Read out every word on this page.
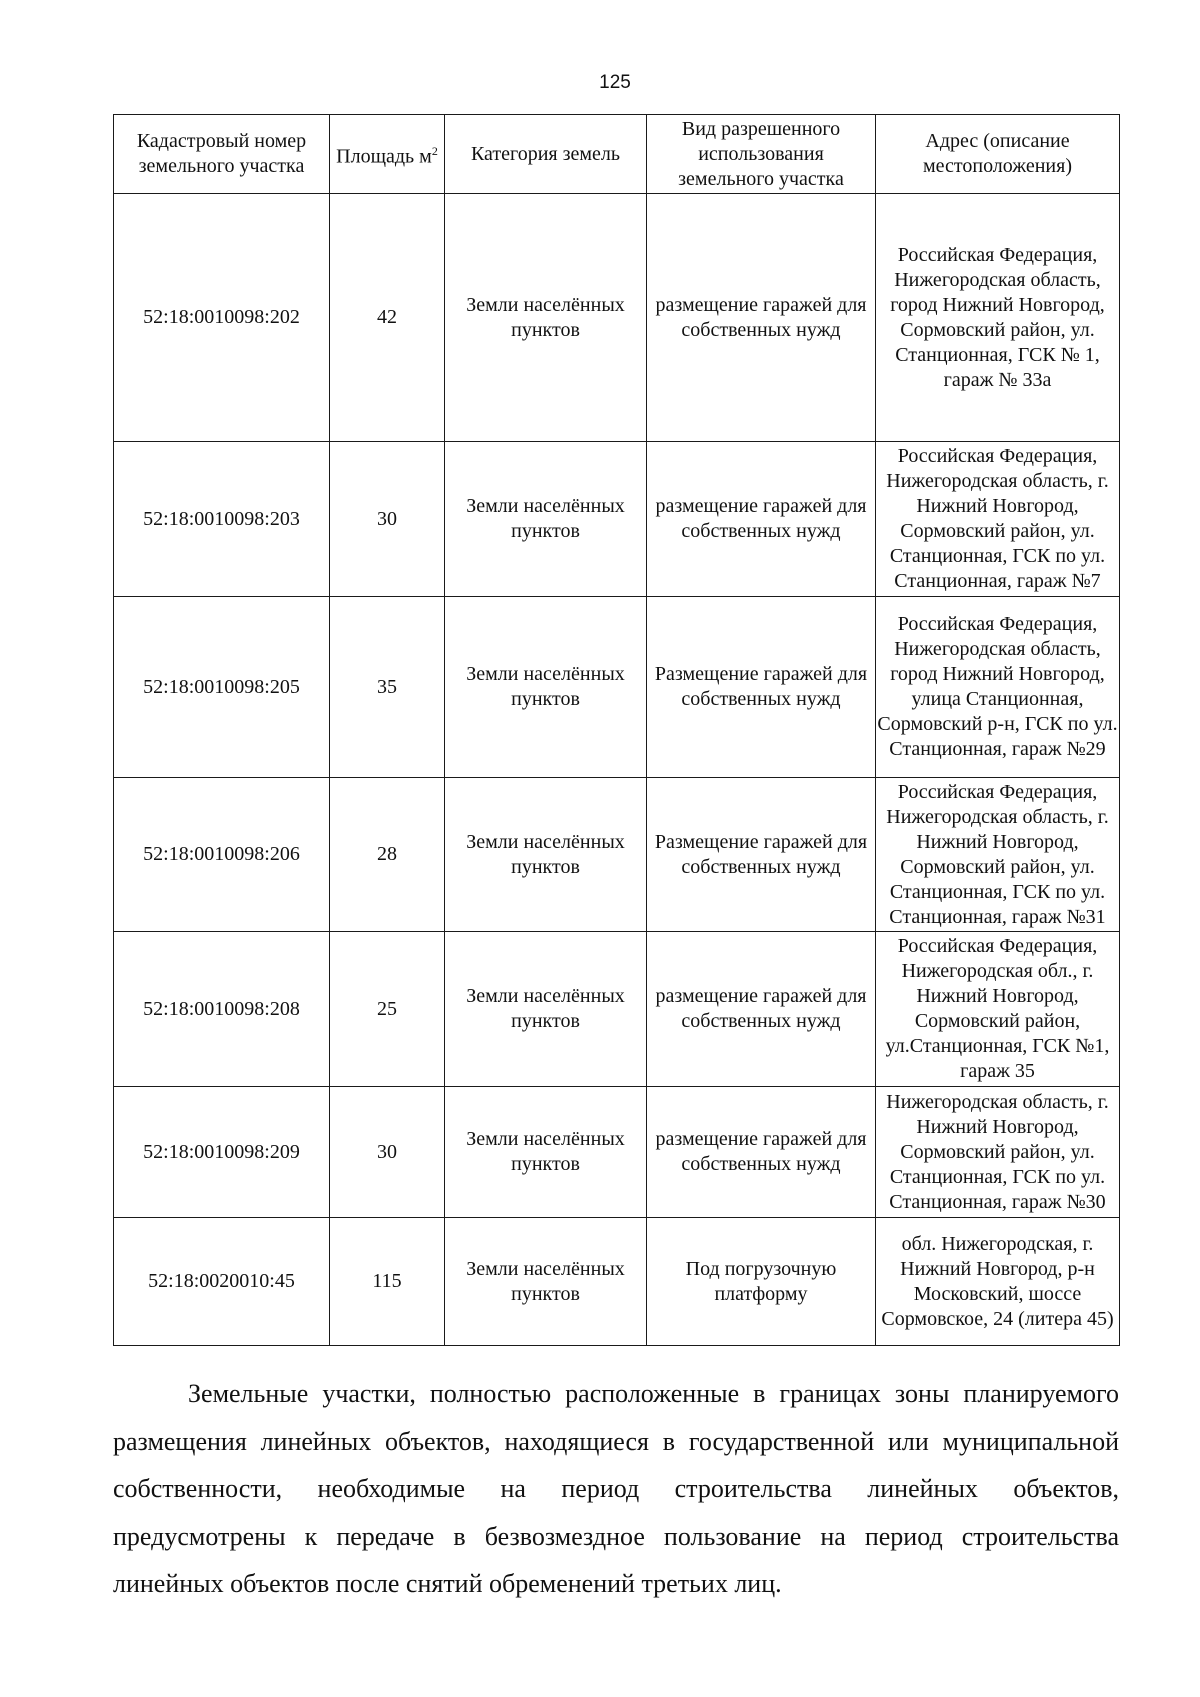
125
Кадастровый номер земельного участка	Площадь $м^2$	Категория земель	Вид разрешенного использования земельного участка	Адрес (описание местоположения)
52:18:0010098:202	42	Земли населённых пунктов	размещение гаражей для собственных нужд	Российская Федерация, Нижегородская область, город Нижний Новгород, Сормовский район, ул. Станционная, ГСК № 1, гараж № 33а
52:18:0010098:203	30	Земли населённых пунктов	размещение гаражей для собственных нужд	Российская Федерация, Нижегородская область, г. Нижний Новгород, Сормовский район, ул. Станционная, ГСК по ул. Станционная, гараж №7
52:18:0010098:205	35	Земли населённых пунктов	Размещение гаражей для собственных нужд	Российская Федерация, Нижегородская область, город Нижний Новгород, улица Станционная, Сормовский р-н, ГСК по ул. Станционная, гараж №29
52:18:0010098:206	28	Земли населённых пунктов	Размещение гаражей для собственных нужд	Российская Федерация, Нижегородская область, г. Нижний Новгород, Сормовский район, ул. Станционная, ГСК по ул. Станционная, гараж №31
52:18:0010098:208	25	Земли населённых пунктов	размещение гаражей для собственных нужд	Российская Федерация, Нижегородская обл., г. Нижний Новгород, Сормовский район, ул.Станционная, ГСК №1, гараж 35
52:18:0010098:209	30	Земли населённых пунктов	размещение гаражей для собственных нужд	Нижегородская область, г. Нижний Новгород, Сормовский район, ул. Станционная, ГСК по ул. Станционная, гараж №30
52:18:0020010:45	115	Земли населённых пунктов	Под погрузочную платформу	обл. Нижегородская, г. Нижний Новгород, р-н Московский, шоссе Сормовское, 24 (литера 45)

Земельные участки, полностью расположенные в границах зоны планируемого размещения линейных объектов, находящиеся в государственной или муниципальной собственности, необходимые на период строительства линейных объектов, предусмотрены к передаче в безвозмездное пользование на период строительства линейных объектов после снятий обременений третьих лиц.
